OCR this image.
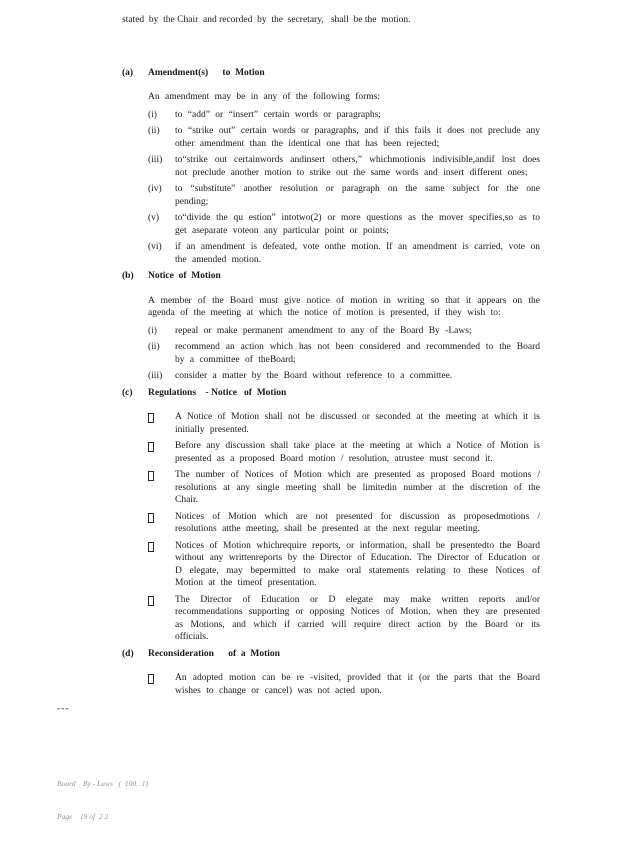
stated  by  the Chair  and recorded  by  the  secretary,   shall  be the  motion.

(a)	Amendment(s)      to  Motion

An amendment may be in any of the following forms:

(i)	to “add” or “insert” certain words or paragraphs;
(ii)	to “strike out” certain words or paragraphs, and if this fails it does not preclude any other amendment than the identical one that has been rejected;
(iii)	to“strike out certainwords andinsert others,” whichmotionis indivisible,andif lost does not preclude another motion to strike out the same words and insert different ones;
(iv)	to “substitute” another resolution or paragraph on the same subject for the one pending;
(v)	to“divide the qu estion” intotwo(2) or more questions as the mover specifies,so as to get aseparate voteon any particular point or points;
(vi)	if an amendment is defeated, vote onthe motion. If an amendment is carried, vote on the amended motion.
(b)	Notice  of  Motion

A member of the Board must give notice of motion in writing so that it appears on the agenda of the meeting at which the notice of motion is presented, if they wish to:

(i)	repeal or make permanent amendment to any of the Board By -Laws;
(ii)	recommend an action which has not been considered and recommended to the Board by a committee of theBoard;
(iii)	consider a matter by the Board without reference to a committee.
(c)	Regulations    - Notice   of  Motion
A Notice of Motion shall not be discussed or seconded at the meeting at which it is initially presented.
Before any discussion shall take place at the meeting at which a Notice of Motion is presented as a proposed Board motion / resolution, atrustee must second it.
The number of Notices of Motion which are presented as proposed Board motions / resolutions at any single meeting shall be limitedin number at the discretion of the Chair.
Notices of Motion which are not presented for discussion as proposedmotions / resolutions atthe meeting, shall be presented at the next regular meeting.
Notices of Motion whichrequire reports, or information, shall be presentedto the Board without any writtenreports by the Director of Education. The Director of Education or D elegate, may bepermitted to make oral statements relating to these Notices of Motion at the timeof presentation.
The Director of Education or D elegate may make written reports and/or recommendations supporting or opposing Notices of Motion, when they are presented as Motions, and which if carried will require direct action by the Board or its officials.
(d)	Reconsideration      of  a  Motion
An adopted motion can be re -visited, provided that it (or the parts that the Board wishes to change or cancel) was not acted upon.
---

Board    By - Laws   (  100.  1)

Page    19 of  2 2
